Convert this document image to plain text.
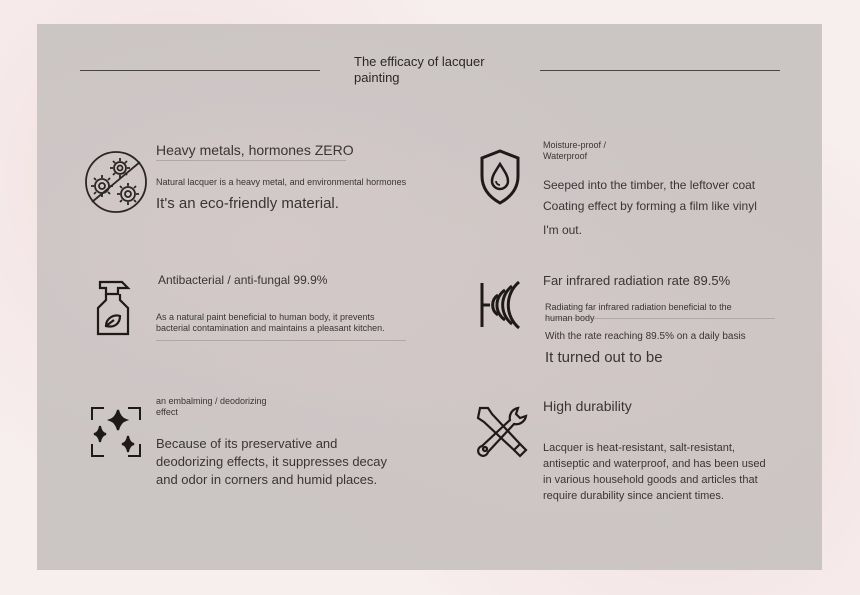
The efficacy of lacquer painting
Heavy metals, hormones ZERO
Natural lacquer is a heavy metal, and environmental hormones
It's an eco-friendly material.
Moisture-proof / Waterproof
Seeped into the timber, the leftover coat
Coating effect by forming a film like vinyl
I'm out.
Antibacterial / anti-fungal 99.9%
As a natural paint beneficial to human body, it prevents bacterial contamination and maintains a pleasant kitchen.
Far infrared radiation rate 89.5%
Radiating far infrared radiation beneficial to the human body
With the rate reaching 89.5% on a daily basis
It turned out to be
an embalming / deodorizing effect
Because of its preservative and deodorizing effects, it suppresses decay and odor in corners and humid places.
High durability
Lacquer is heat-resistant, salt-resistant, antiseptic and waterproof, and has been used in various household goods and articles that require durability since ancient times.
